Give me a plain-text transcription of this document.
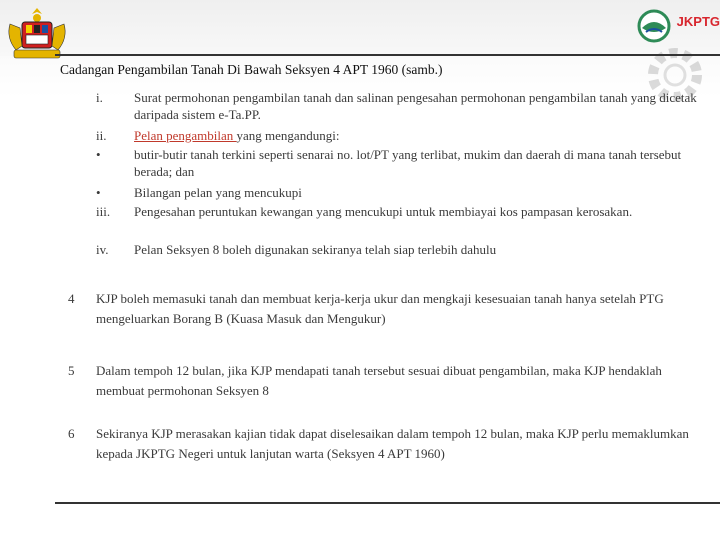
JKPTG
Cadangan Pengambilan Tanah Di Bawah Seksyen 4 APT 1960 (samb.)
i. Surat permohonan pengambilan tanah dan salinan pengesahan permohonan pengambilan tanah yang dicetak daripada sistem e-Ta.PP.
ii. Pelan pengambilan yang mengandungi:
•	butir-butir tanah terkini seperti senarai no. lot/PT yang terlibat, mukim dan daerah di mana tanah tersebut berada; dan
•	Bilangan pelan yang mencukupi
iii. Pengesahan peruntukan kewangan yang mencukupi untuk membiayai kos pampasan kerosakan.
iv. Pelan Seksyen 8 boleh digunakan sekiranya telah siap terlebih dahulu
4 KJP boleh memasuki tanah dan membuat kerja-kerja ukur dan mengkaji kesesuaian tanah hanya setelah PTG mengeluarkan Borang B (Kuasa Masuk dan Mengukur)
5 Dalam tempoh 12 bulan, jika KJP mendapati tanah tersebut sesuai dibuat pengambilan, maka KJP hendaklah membuat permohonan Seksyen 8
6 Sekiranya KJP merasakan kajian tidak dapat diselesaikan dalam tempoh 12 bulan, maka KJP perlu memaklumkan kepada JKPTG Negeri untuk lanjutan warta (Seksyen 4 APT 1960)
